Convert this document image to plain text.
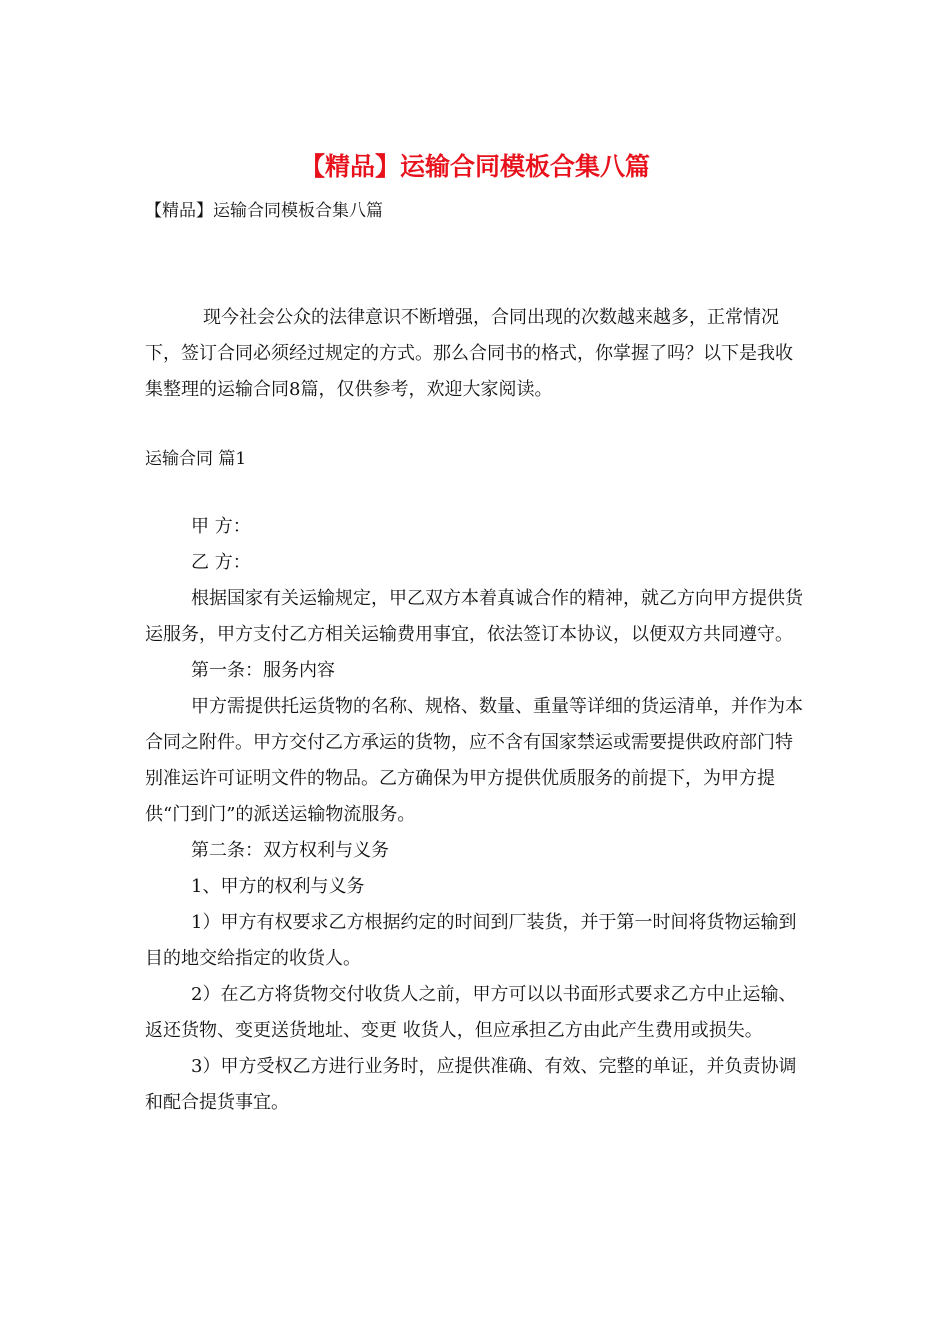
【精品】运输合同模板合集八篇
【精品】运输合同模板合集八篇

现今社会公众的法律意识不断增强，合同出现的次数越来越多，正常情况下，签订合同必须经过规定的方式。那么合同书的格式，你掌握了吗？以下是我收集整理的运输合同8篇，仅供参考，欢迎大家阅读。

运输合同 篇1

甲 方：

乙 方：

根据国家有关运输规定，甲乙双方本着真诚合作的精神，就乙方向甲方提供货运服务，甲方支付乙方相关运输费用事宜，依法签订本协议，以便双方共同遵守。

第一条：服务内容

甲方需提供托运货物的名称、规格、数量、重量等详细的货运清单，并作为本合同之附件。甲方交付乙方承运的货物，应不含有国家禁运或需要提供政府部门特别准运许可证明文件的物品。乙方确保为甲方提供优质服务的前提下，为甲方提供“门到门”的派送运输物流服务。

第二条：双方权利与义务

1、甲方的权利与义务

1）甲方有权要求乙方根据约定的时间到厂装货，并于第一时间将货物运输到目的地交给指定的收货人。

2）在乙方将货物交付收货人之前，甲方可以以书面形式要求乙方中止运输、返还货物、变更送货地址、变更 收货人，但应承担乙方由此产生费用或损失。

3）甲方受权乙方进行业务时，应提供准确、有效、完整的单证，并负责协调和配合提货事宜。
